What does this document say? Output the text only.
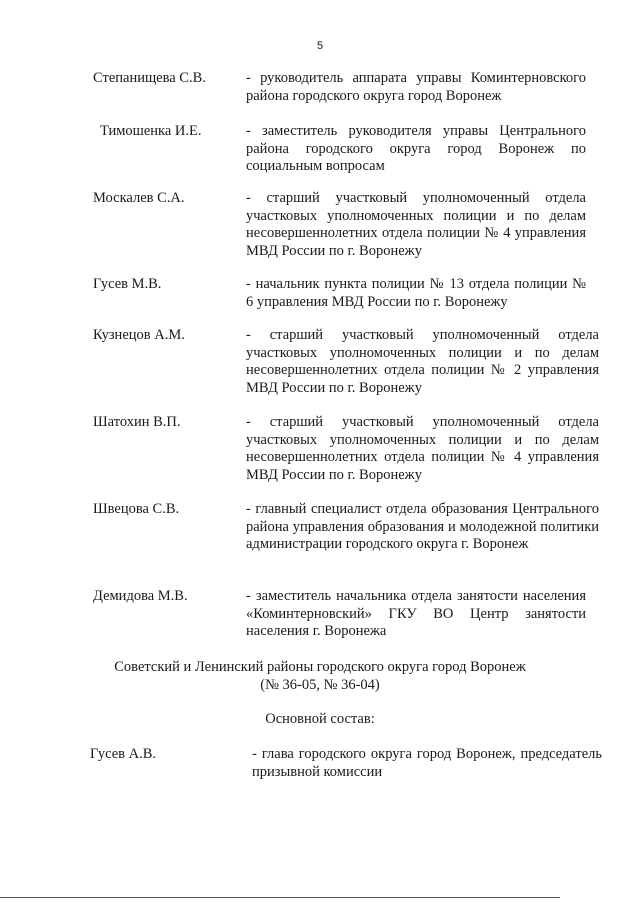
5
Степанищева С.В.	- руководитель аппарата управы Коминтерновского района городского округа город Воронеж
Тимошенка И.Е.	- заместитель руководителя управы Центрального района городского округа город Воронеж по социальным вопросам
Москалев С.А.	- старший участковый уполномоченный отдела участковых уполномоченных полиции и по делам несовершеннолетних отдела полиции № 4 управления МВД России по г. Воронежу
Гусев М.В.	- начальник пункта полиции № 13 отдела полиции № 6 управления МВД России по г. Воронежу
Кузнецов А.М.	- старший участковый уполномоченный отдела участковых уполномоченных полиции и по делам несовершеннолетних отдела полиции № 2 управления МВД России по г. Воронежу
Шатохин В.П.	- старший участковый уполномоченный отдела участковых уполномоченных полиции и по делам несовершеннолетних отдела полиции № 4 управления МВД России по г. Воронежу
Швецова С.В.	- главный специалист отдела образования Центрального района управления образования и молодежной политики администрации городского округа г. Воронеж
Демидова М.В.	- заместитель начальника отдела занятости населения «Коминтерновский» ГКУ ВО Центр занятости населения г. Воронежа
Советский и Ленинский районы городского округа город Воронеж
(№ 36-05, № 36-04)
Основной состав:
Гусев А.В.	- глава городского округа город Воронеж, председатель призывной комиссии
